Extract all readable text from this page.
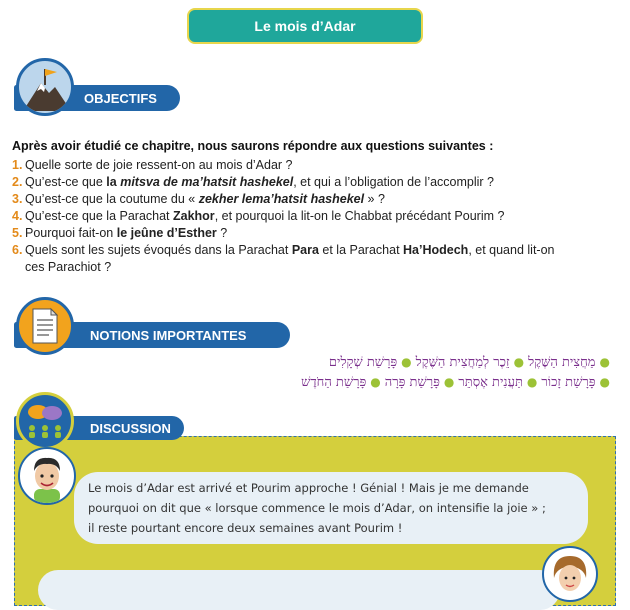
Le mois d’Adar
OBJECTIFS
Après avoir étudié ce chapitre, nous saurons répondre aux questions suivantes :
1. Quelle sorte de joie ressent-on au mois d’Adar ?
2. Qu’est-ce que la mitsva de ma’hatsit hashekel, et qui a l’obligation de l’accomplir ?
3. Qu’est-ce que la coutume du « zekher lema’hatsit hashekel » ?
4. Qu’est-ce que la Parachat Zakhor, et pourquoi la lit-on le Chabbat précédant Pourim ?
5. Pourquoi fait-on le jeûne d’Esther ?
6. Quels sont les sujets évoqués dans la Parachat Para et la Parachat Ha’Hodech, et quand lit-on
ces Parachiot ?
NOTIONS IMPORTANTES
●מַחֲצִית הַשֶּׁקֶל●זֵכֶר לְמַחֲצִית הַשֶּׁקֶל●פָּרָשַׁת שְׁקָלִים
●פָּרָשַׁת זָכוֹר●תַּעֲנִית אֶסְתֵּר●פָּרָשַׁת פָּרָה●פָּרָשַׁת הַחֹדֶשׁ
DISCUSSION
Le mois d’Adar est arrivé et Pourim approche ! Génial ! Mais je me demande
pourquoi on dit que « lorsque commence le mois d’Adar, on intensifie la joie » ;
il reste pourtant encore deux semaines avant Pourim !
